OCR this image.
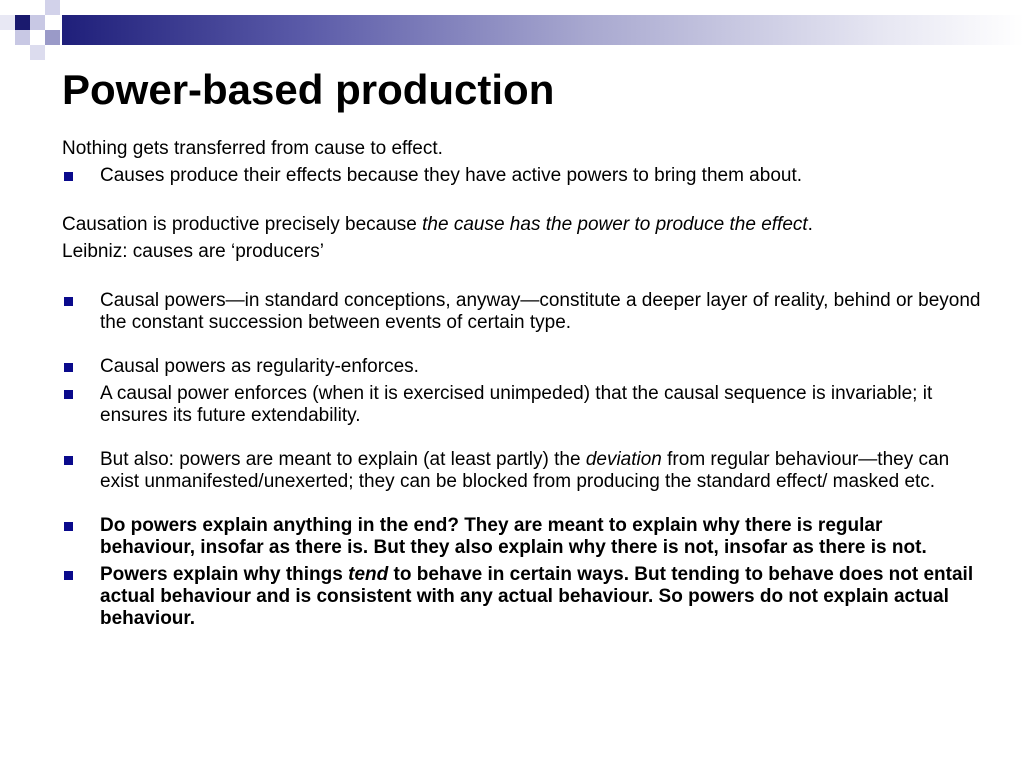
Power-based production

Nothing gets transferred from cause to effect.

Causes produce their effects because they have active powers to bring them about.

Causation is productive precisely because the cause has the power to produce the effect.

Leibniz: causes are ‘producers’

Causal powers—in standard conceptions, anyway—constitute a deeper layer of reality, behind or beyond the constant succession between events of certain type.
Causal powers as regularity-enforces.
A causal power enforces (when it is exercised unimpeded) that the causal sequence is invariable; it ensures its future extendability.
But also: powers are meant to explain (at least partly) the deviation from regular behaviour—they can exist unmanifested/unexerted; they can be blocked from producing the standard effect/ masked etc.
Do powers explain anything in the end? They are meant to explain why there is regular behaviour, insofar as there is. But they also explain why there is not, insofar as there is not.
Powers explain why things tend to behave in certain ways. But tending to behave does not entail actual behaviour and is consistent with any actual behaviour. So powers do not explain actual behaviour.
